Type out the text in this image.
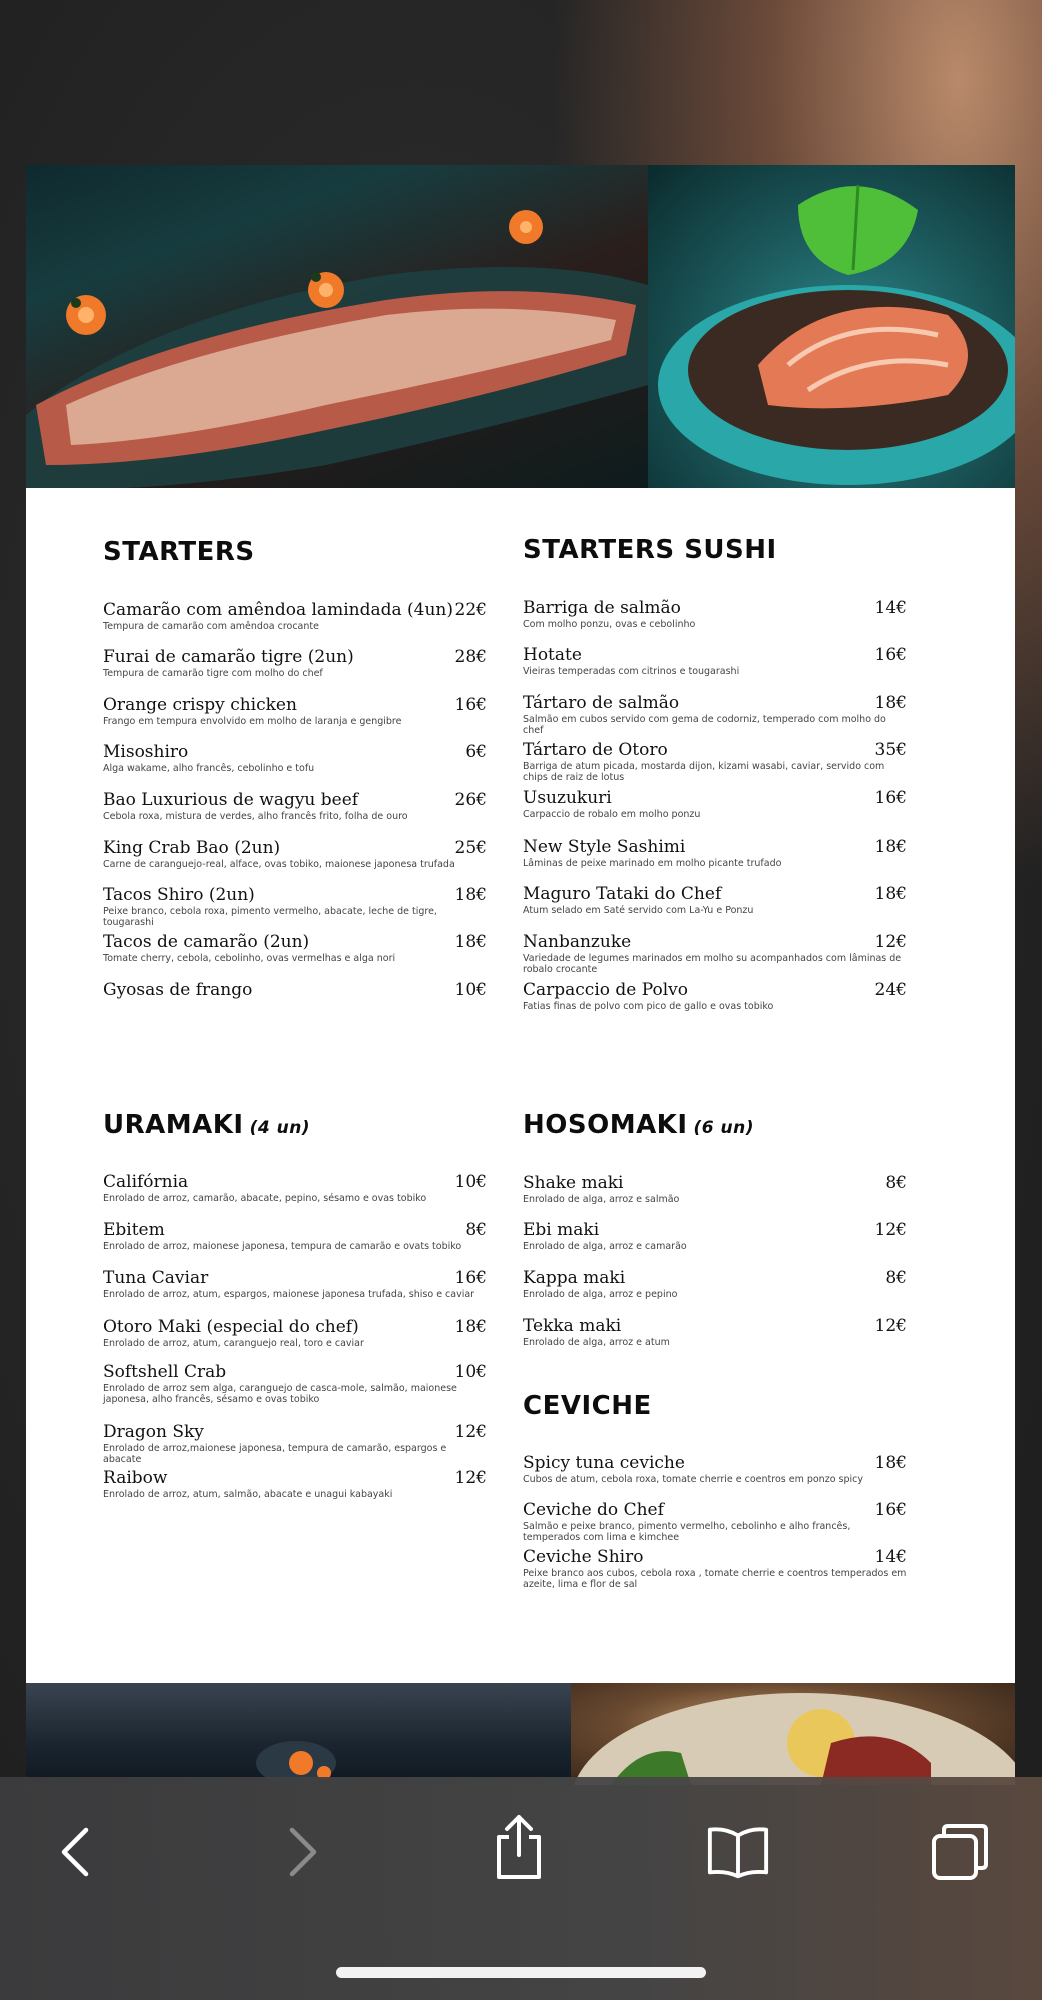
STARTERS	STARTERS SUSHI
URAMAKI (4 un)	HOSOMAKI (6 un)
CEVICHE
Camarão com amêndoa lamindada (4un) 22€
Tempura de camarão com amêndoa crocante
Furai de camarão tigre (2un)	28€
Tempura de camarão tigre com molho do chef
Orange crispy chicken	16€
Frango em tempura envolvido em molho de laranja e gengibre
Misoshiro	6€
Alga wakame, alho francês, cebolinho e tofu
Bao Luxurious de wagyu beef	26€
Cebola roxa, mistura de verdes, alho francês frito, folha de ouro
King Crab Bao (2un)	25€
Carne de caranguejo-real, alface, ovas tobiko, maionese japonesa trufada
Tacos Shiro (2un)	18€
Peixe branco, cebola roxa, pimento vermelho, abacate, leche de tigre, tougarashi
Tacos de camarão (2un)	18€
Tomate cherry, cebola, cebolinho, ovas vermelhas e alga nori
Gyosas de frango	10€
Barriga de salmão	14€
Com molho ponzu, ovas e cebolinho
Hotate	16€
Vieiras temperadas com citrinos e tougarashi
Tártaro de salmão	18€
Salmão em cubos servido com gema de codorniz, temperado com molho do chef
Tártaro de Otoro	35€
Barriga de atum picada, mostarda dijon, kizami wasabi, caviar, servido com chips de raiz de lotus
Usuzukuri	16€
Carpaccio de robalo em molho ponzu
New Style Sashimi	18€
Lâminas de peixe marinado em molho picante trufado
Maguro Tataki do Chef	18€
Atum selado em Saté servido com La-Yu e Ponzu
Nanbanzuke	12€
Variedade de legumes marinados em molho su acompanhados com lâminas de robalo crocante
Carpaccio de Polvo	24€
Fatias finas de polvo com pico de gallo e ovas tobiko
Califórnia	10€
Enrolado de arroz, camarão, abacate, pepino, sésamo e ovas tobiko
Ebitem	8€
Enrolado de arroz, maionese japonesa, tempura de camarão e ovats tobiko
Tuna Caviar	16€
Enrolado de arroz, atum, espargos, maionese japonesa trufada, shiso e caviar
Otoro Maki (especial do chef)	18€
Enrolado de arroz, atum, caranguejo real, toro e caviar
Softshell Crab	10€
Enrolado de arroz sem alga, caranguejo de casca-mole, salmão, maionese japonesa, alho francês, sésamo e ovas tobiko
Dragon Sky	12€
Enrolado de arroz,maionese japonesa, tempura de camarão, espargos e abacate
Raibow	12€
Enrolado de arroz, atum, salmão, abacate e unagui kabayaki
Shake maki	8€
Enrolado de alga, arroz e salmão
Ebi maki	12€
Enrolado de alga, arroz e camarão
Kappa maki	8€
Enrolado de alga, arroz e pepino
Tekka maki	12€
Enrolado de alga, arroz e atum
Spicy tuna ceviche	18€
Cubos de atum, cebola roxa, tomate cherrie e coentros em ponzo spicy
Ceviche do Chef	16€
Salmão e peixe branco, pimento vermelho, cebolinho e alho francês, temperados com lima e kimchee
Ceviche Shiro	14€
Peixe branco aos cubos, cebola roxa , tomate cherrie e coentros temperados em azeite, lima e flor de sal
